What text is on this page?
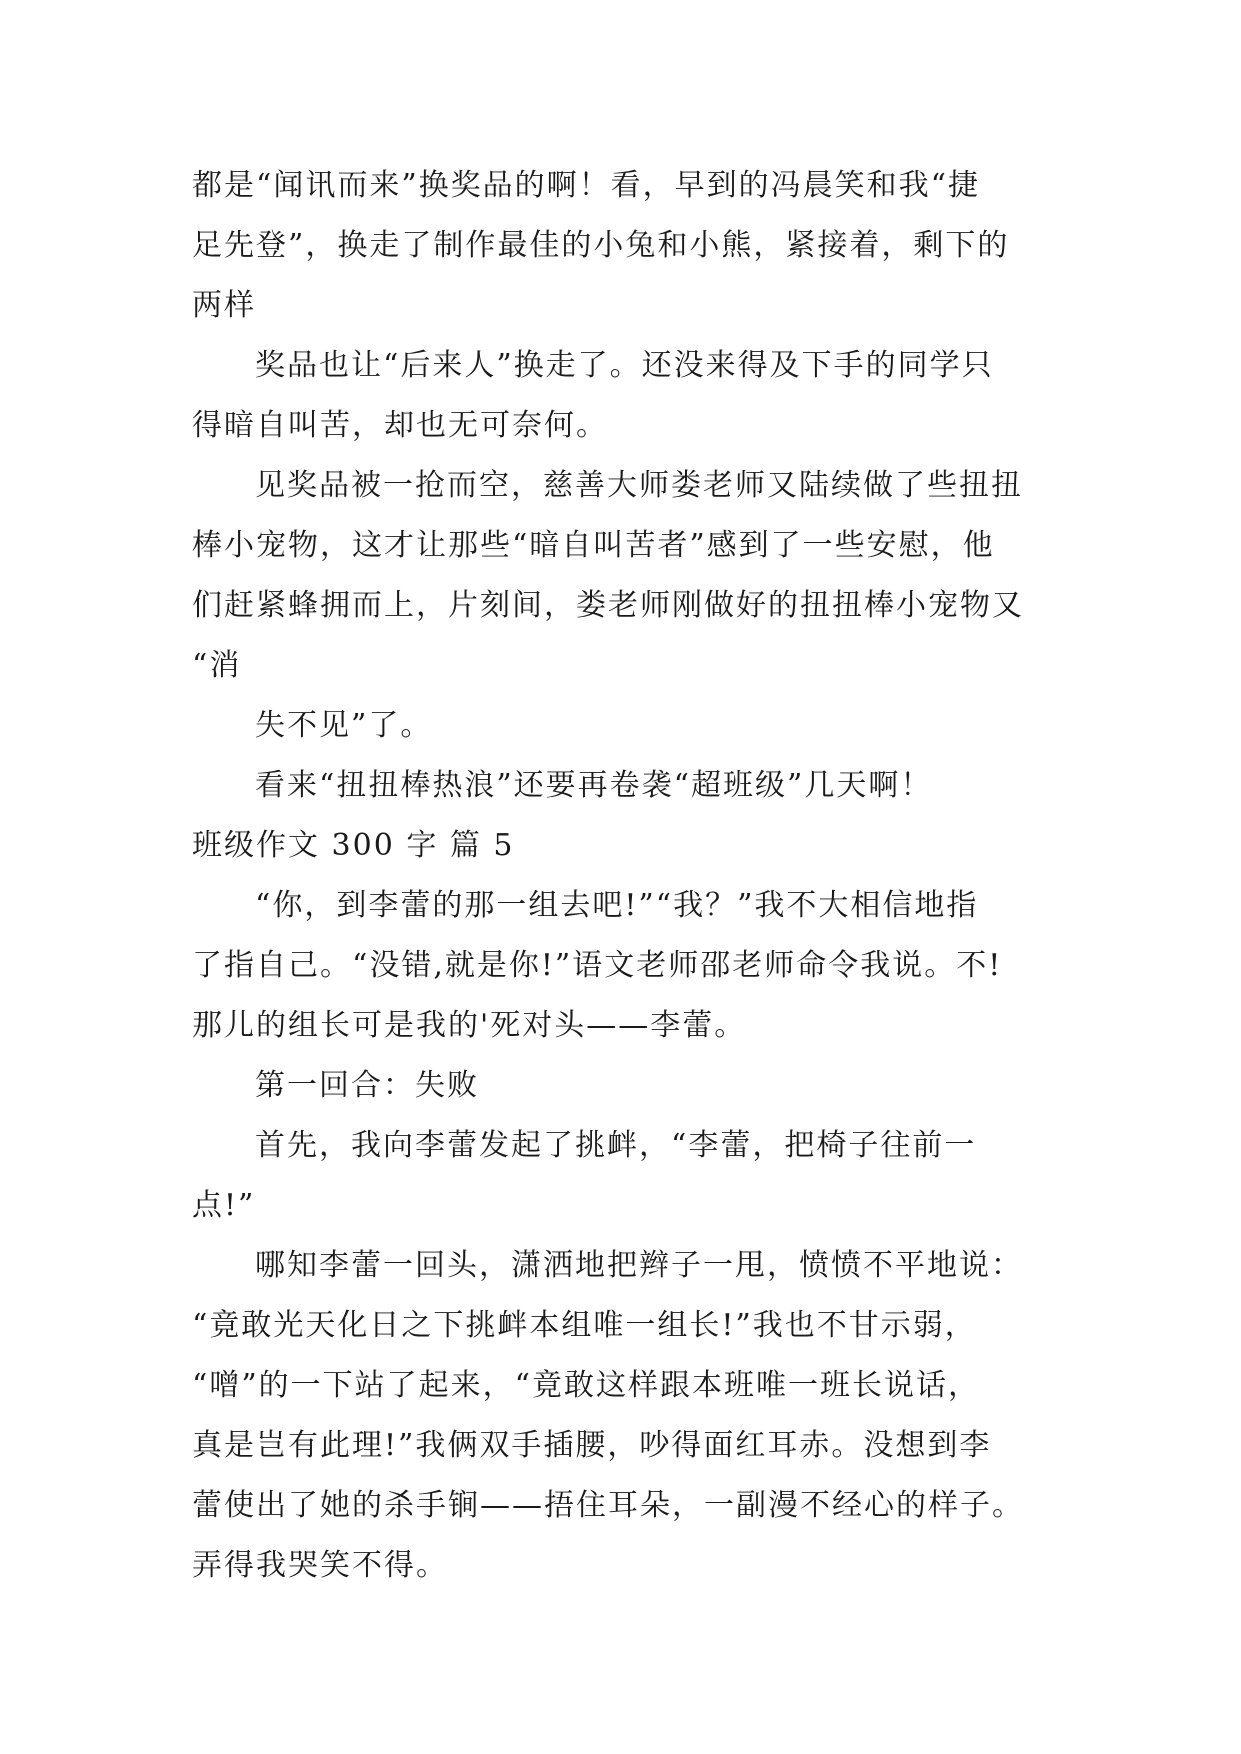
都是“闻讯而来”换奖品的啊！看，早到的冯晨笑和我“捷
足先登”，换走了制作最佳的小兔和小熊，紧接着，剩下的
两样
奖品也让“后来人”换走了。还没来得及下手的同学只
得暗自叫苦，却也无可奈何。
见奖品被一抢而空，慈善大师娄老师又陆续做了些扭扭
棒小宠物，这才让那些“暗自叫苦者”感到了一些安慰，他
们赶紧蜂拥而上，片刻间，娄老师刚做好的扭扭棒小宠物又
“消
失不见”了。
看来“扭扭棒热浪”还要再卷袭“超班级”几天啊！
班级作文 300 字 篇 5
“你，到李蕾的那一组去吧!”“我？”我不大相信地指
了指自己。“没错,就是你!”语文老师邵老师命令我说。不!
那儿的组长可是我的'死对头——李蕾。
第一回合：失败
首先，我向李蕾发起了挑衅，“李蕾，把椅子往前一
点!”
哪知李蕾一回头，潇洒地把辫子一甩，愤愤不平地说：
“竟敢光天化日之下挑衅本组唯一组长!”我也不甘示弱，
“噌”的一下站了起来，“竟敢这样跟本班唯一班长说话，
真是岂有此理!”我俩双手插腰，吵得面红耳赤。没想到李
蕾使出了她的杀手锏——捂住耳朵，一副漫不经心的样子。
弄得我哭笑不得。
